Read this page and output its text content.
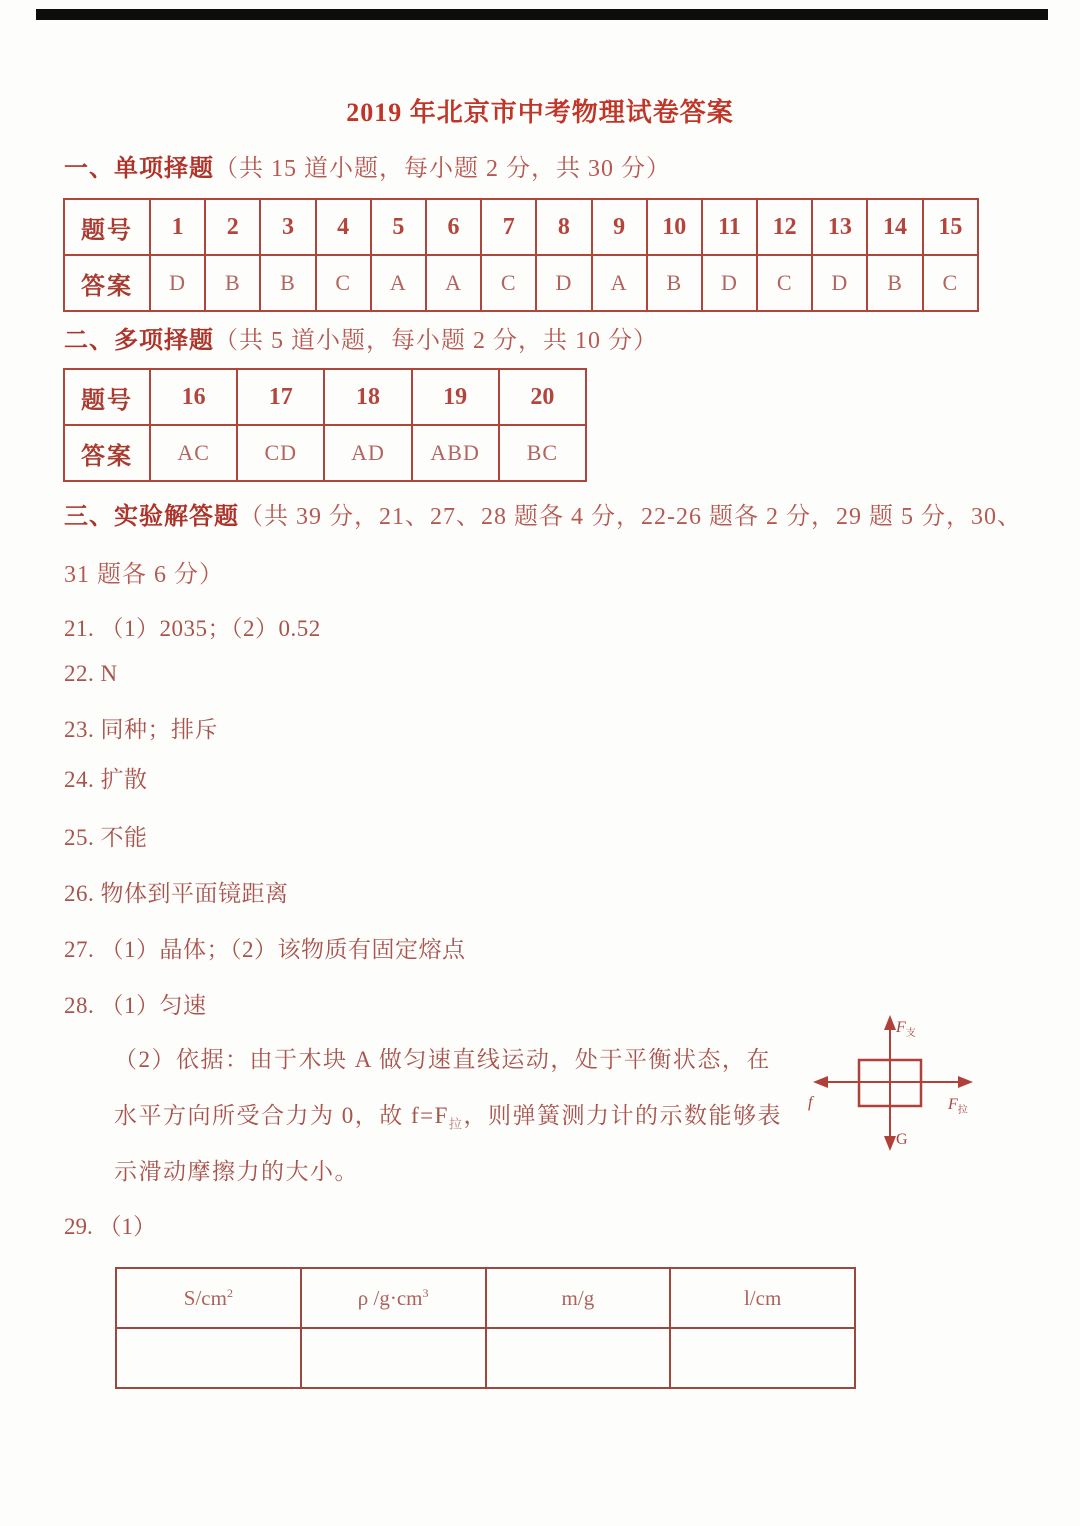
2019 年北京市中考物理试卷答案
一、单项择题（共 15 道小题，每小题 2 分，共 30 分）
题号	1	2	3	4	5	6	7	8	9	10	11	12	13	14	15
答案	D	B	B	C	A	A	C	D	A	B	D	C	D	B	C
二、多项择题（共 5 道小题，每小题 2 分，共 10 分）
题号	16	17	18	19	20
答案	AC	CD	AD	ABD	BC
三、实验解答题（共 39 分，21、27、28 题各 4 分，22-26 题各 2 分，29 题 5 分，30、
31 题各 6 分）
21. （1）2035；（2）0.52
22. N
23. 同种；排斥
24. 扩散
25. 不能
26. 物体到平面镜距离
27. （1）晶体；（2）该物质有固定熔点
28. （1）匀速
（2）依据：由于木块 A 做匀速直线运动，处于平衡状态，在
水平方向所受合力为 0，故 $f=F_拉$，则弹簧测力计的示数能够表
示滑动摩擦力的大小。
$F_支$
G
f	$F_拉$
29. （1）
$S/cm^2$	ρ $/g\cdot cm^3$	m/g	l/cm
